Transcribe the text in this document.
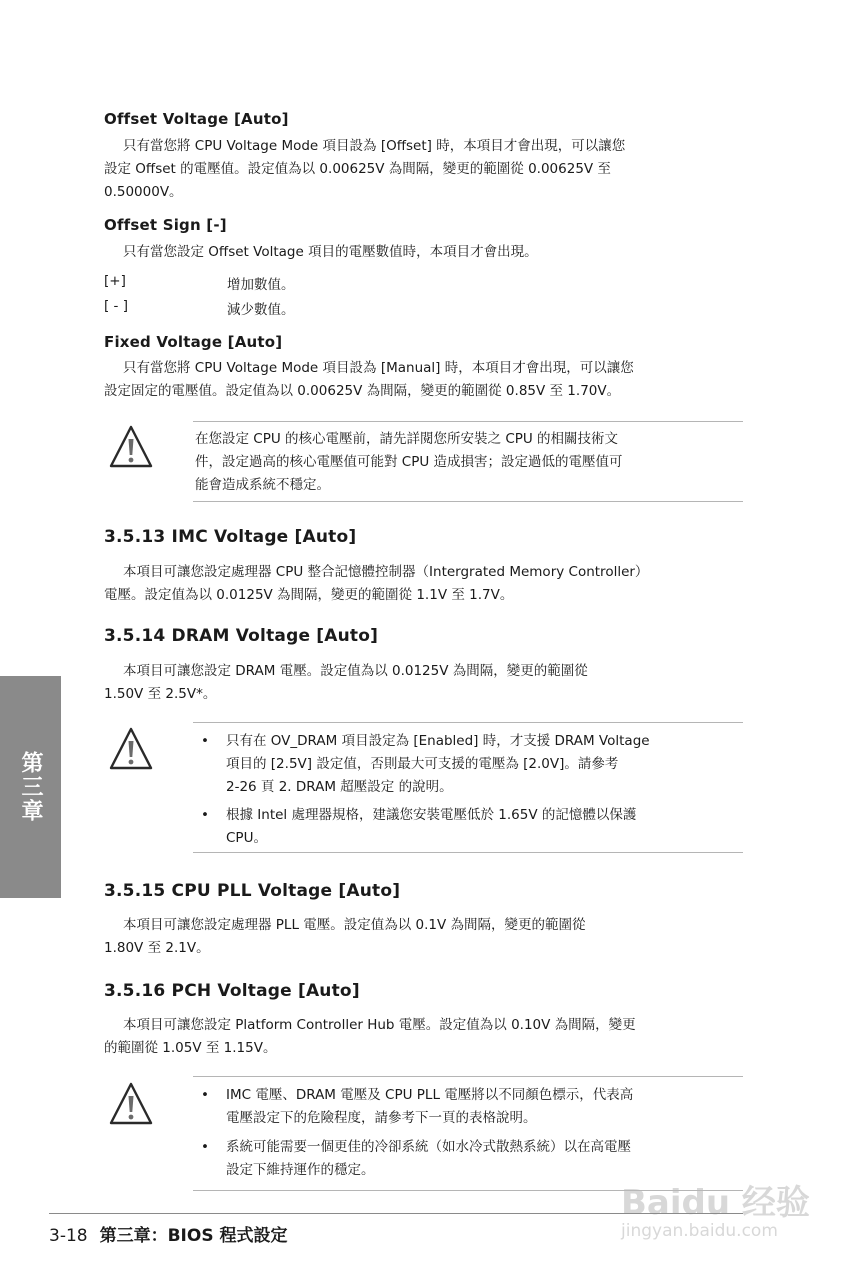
Offset Voltage [Auto]
只有當您將 CPU Voltage Mode 項目設為 [Offset] 時，本項目才會出現，可以讓您
設定 Offset 的電壓值。設定值為以 0.00625V 為間隔，變更的範圍從 0.00625V 至
0.50000V。
Offset Sign [-]
只有當您設定 Offset Voltage 項目的電壓數值時，本項目才會出現。
[+]	增加數值。
[ - ]	減少數值。
Fixed Voltage [Auto]
只有當您將 CPU Voltage Mode 項目設為 [Manual] 時，本項目才會出現，可以讓您
設定固定的電壓值。設定值為以 0.00625V 為間隔，變更的範圍從 0.85V 至 1.70V。
在您設定 CPU 的核心電壓前，請先詳閱您所安裝之 CPU 的相關技術文
件，設定過高的核心電壓值可能對 CPU 造成損害；設定過低的電壓值可
能會造成系統不穩定。
3.5.13 IMC Voltage [Auto]
本項目可讓您設定處理器 CPU 整合記憶體控制器（Intergrated Memory Controller）
電壓。設定值為以 0.0125V 為間隔，變更的範圍從 1.1V 至 1.7V。
3.5.14 DRAM Voltage [Auto]
本項目可讓您設定 DRAM 電壓。設定值為以 0.0125V 為間隔，變更的範圍從
1.50V 至 2.5V*。
• 只有在 OV_DRAM 項目設定為 [Enabled] 時，才支援 DRAM Voltage
項目的 [2.5V] 設定值，否則最大可支援的電壓為 [2.0V]。請參考
2-26 頁 2. DRAM 超壓設定 的說明。
• 根據 Intel 處理器規格，建議您安裝電壓低於 1.65V 的記憶體以保護
CPU。
3.5.15 CPU PLL Voltage [Auto]
本項目可讓您設定處理器 PLL 電壓。設定值為以 0.1V 為間隔，變更的範圍從
1.80V 至 2.1V。
3.5.16 PCH Voltage [Auto]
本項目可讓您設定 Platform Controller Hub 電壓。設定值為以 0.10V 為間隔，變更
的範圍從 1.05V 至 1.15V。
• IMC 電壓、DRAM 電壓及 CPU PLL 電壓將以不同顏色標示，代表高
電壓設定下的危險程度，請參考下一頁的表格說明。
• 系統可能需要一個更佳的冷卻系統（如水冷式散熱系統）以在高電壓
設定下維持運作的穩定。
第三章
Baidu 经验
jingyan.baidu.com
3-18 第三章：BIOS 程式設定
